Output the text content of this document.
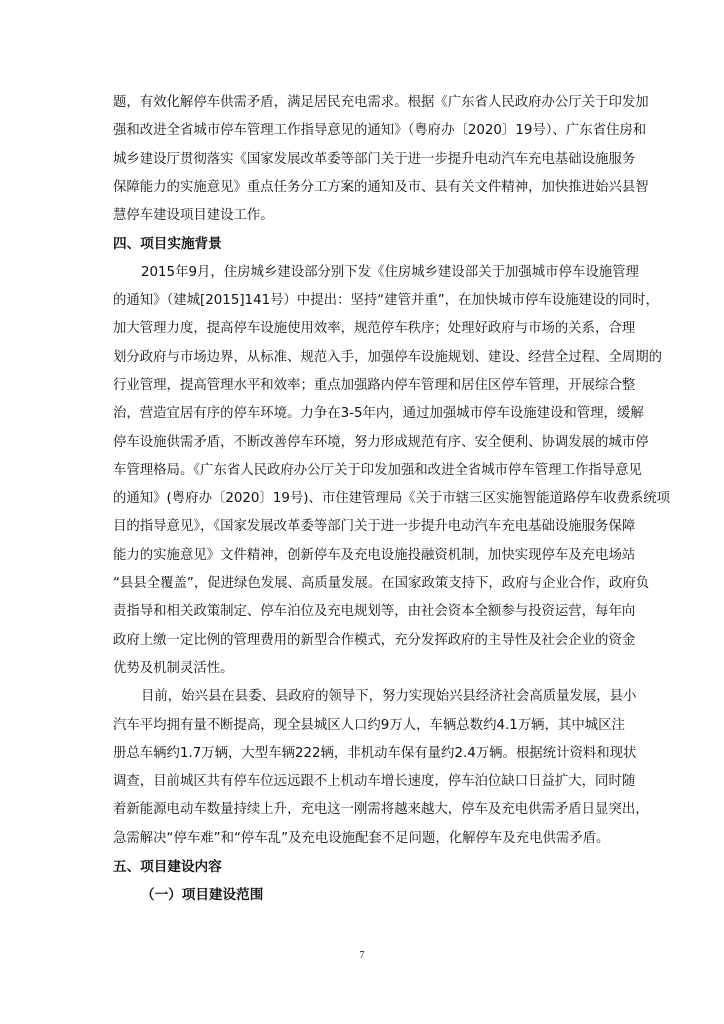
题，有效化解停车供需矛盾，满足居民充电需求。根据《广东省人民政府办公厅关于印发加
强和改进全省城市停车管理工作指导意见的通知》（粤府办〔2020〕19号）、广东省住房和
城乡建设厅贯彻落实《国家发展改革委等部门关于进一步提升电动汽车充电基础设施服务
保障能力的实施意见》重点任务分工方案的通知及市、县有关文件精神，加快推进始兴县智
慧停车建设项目建设工作。
四、项目实施背景
2015年9月，住房城乡建设部分别下发《住房城乡建设部关于加强城市停车设施管理
的通知》（建城[2015]141号）中提出：坚持“建管并重”，在加快城市停车设施建设的同时，
加大管理力度，提高停车设施使用效率，规范停车秩序；处理好政府与市场的关系，合理
划分政府与市场边界，从标准、规范入手，加强停车设施规划、建设、经营全过程、全周期的
行业管理，提高管理水平和效率；重点加强路内停车管理和居住区停车管理，开展综合整
治，营造宜居有序的停车环境。力争在3-5年内，通过加强城市停车设施建设和管理，缓解
停车设施供需矛盾，不断改善停车环境，努力形成规范有序、安全便利、协调发展的城市停
车管理格局。《广东省人民政府办公厅关于印发加强和改进全省城市停车管理工作指导意见
的通知》(粤府办〔2020〕19号)、市住建管理局《关于市辖三区实施智能道路停车收费系统项
目的指导意见》，《国家发展改革委等部门关于进一步提升电动汽车充电基础设施服务保障
能力的实施意见》文件精神，创新停车及充电设施投融资机制，加快实现停车及充电场站
“县县全覆盖”，促进绿色发展、高质量发展。在国家政策支持下，政府与企业合作，政府负
责指导和相关政策制定、停车泊位及充电规划等，由社会资本全额参与投资运营，每年向
政府上缴一定比例的管理费用的新型合作模式，充分发挥政府的主导性及社会企业的资金
优势及机制灵活性。
目前，始兴县在县委、县政府的领导下，努力实现始兴县经济社会高质量发展，县小
汽车平均拥有量不断提高，现全县城区人口约9万人，车辆总数约4.1万辆，其中城区注
册总车辆约1.7万辆，大型车辆222辆，非机动车保有量约2.4万辆。根据统计资料和现状
调查，目前城区共有停车位远远跟不上机动车增长速度，停车泊位缺口日益扩大，同时随
着新能源电动车数量持续上升，充电这一刚需将越来越大，停车及充电供需矛盾日显突出，
急需解决“停车难”和“停车乱”及充电设施配套不足问题，化解停车及充电供需矛盾。
五、项目建设内容
（一）项目建设范围
7
